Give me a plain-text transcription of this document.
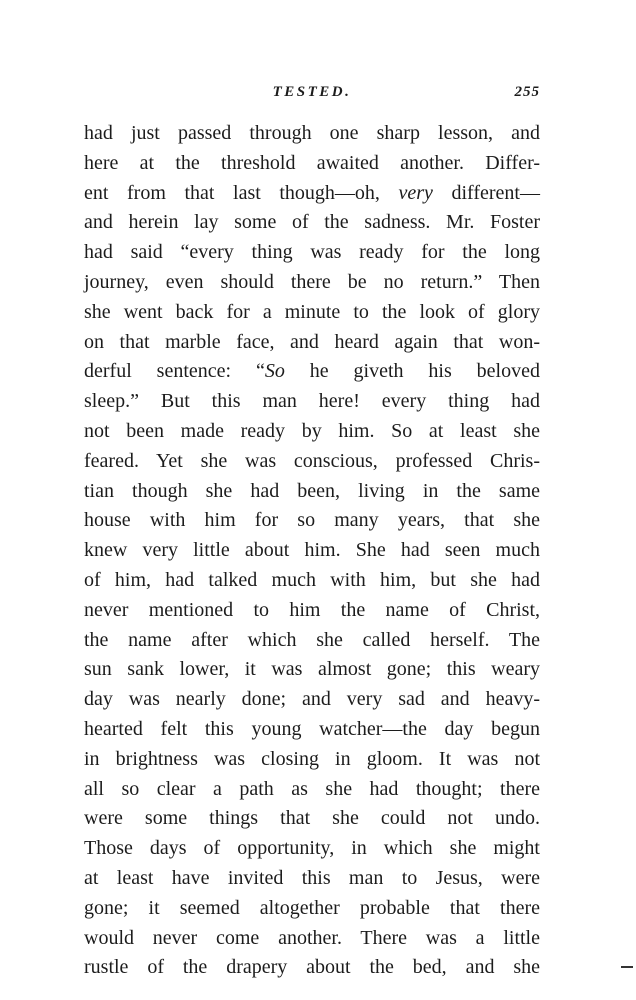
TESTED.	255
had just passed through one sharp lesson, and
here at the threshold awaited another. Differ-
ent from that last though—oh, very different—
and herein lay some of the sadness. Mr. Foster
had said “every thing was ready for the long
journey, even should there be no return.” Then
she went back for a minute to the look of glory
on that marble face, and heard again that won-
derful sentence: “So he giveth his beloved
sleep.” But this man here! every thing had
not been made ready by him. So at least she
feared. Yet she was conscious, professed Chris-
tian though she had been, living in the same
house with him for so many years, that she
knew very little about him. She had seen much
of him, had talked much with him, but she had
never mentioned to him the name of Christ,
the name after which she called herself. The
sun sank lower, it was almost gone; this weary
day was nearly done; and very sad and heavy-
hearted felt this young watcher—the day begun
in brightness was closing in gloom. It was not
all so clear a path as she had thought; there
were some things that she could not undo.
Those days of opportunity, in which she might
at least have invited this man to Jesus, were
gone; it seemed altogether probable that there
would never come another. There was a little
rustle of the drapery about the bed, and she
